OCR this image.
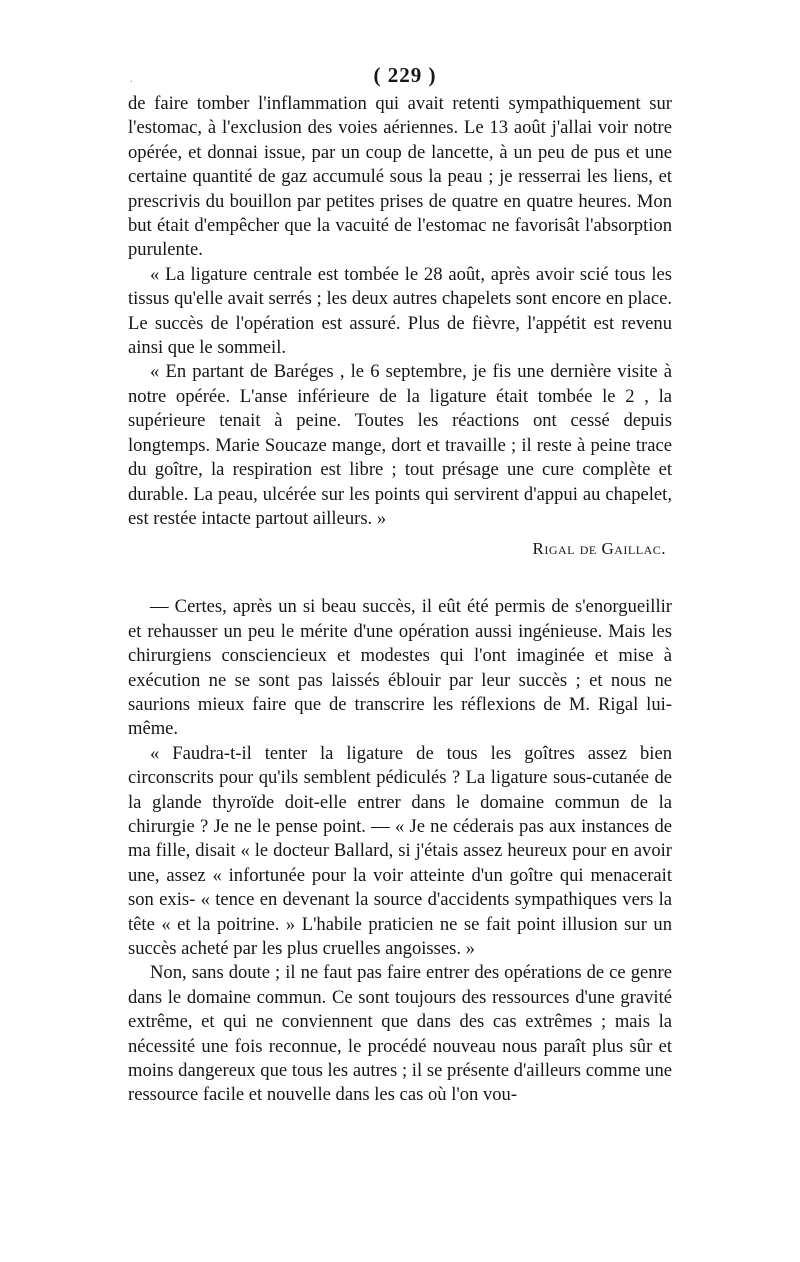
.	( 229 )

de faire tomber l'inflammation qui avait retenti sympathiquement sur l'estomac, à l'exclusion des voies aériennes. Le 13 août j'allai voir notre opérée, et donnai issue, par un coup de lancette, à un peu de pus et une certaine quantité de gaz accumulé sous la peau ; je resserrai les liens, et prescrivis du bouillon par petites prises de quatre en quatre heures. Mon but était d'empêcher que la vacuité de l'estomac ne favorisât l'absorption purulente.

« La ligature centrale est tombée le 28 août, après avoir scié tous les tissus qu'elle avait serrés ; les deux autres chapelets sont encore en place. Le succès de l'opération est assuré. Plus de fièvre, l'appétit est revenu ainsi que le sommeil.

« En partant de Baréges , le 6 septembre, je fis une dernière visite à notre opérée. L'anse inférieure de la ligature était tombée le 2 , la supérieure tenait à peine. Toutes les réactions ont cessé depuis longtemps. Marie Soucaze mange, dort et travaille ; il reste à peine trace du goître, la respiration est libre ; tout présage une cure complète et durable. La peau, ulcérée sur les points qui servirent d'appui au chapelet, est restée intacte partout ailleurs. »

Rigal de Gaillac.

— Certes, après un si beau succès, il eût été permis de s'enorgueillir et rehausser un peu le mérite d'une opération aussi ingénieuse. Mais les chirurgiens consciencieux et modestes qui l'ont imaginée et mise à exécution ne se sont pas laissés éblouir par leur succès ; et nous ne saurions mieux faire que de transcrire les réflexions de M. Rigal lui-même.

« Faudra-t-il tenter la ligature de tous les goîtres assez bien circonscrits pour qu'ils semblent pédiculés ? La ligature sous-cutanée de la glande thyroïde doit-elle entrer dans le domaine commun de la chirurgie ? Je ne le pense point. — « Je ne céderais pas aux instances de ma fille, disait « le docteur Ballard, si j'étais assez heureux pour en avoir une, assez « infortunée pour la voir atteinte d'un goître qui menacerait son exis- « tence en devenant la source d'accidents sympathiques vers la tête « et la poitrine. » L'habile praticien ne se fait point illusion sur un succès acheté par les plus cruelles angoisses. »

Non, sans doute ; il ne faut pas faire entrer des opérations de ce genre dans le domaine commun. Ce sont toujours des ressources d'une gravité extrême, et qui ne conviennent que dans des cas extrêmes ; mais la nécessité une fois reconnue, le procédé nouveau nous paraît plus sûr et moins dangereux que tous les autres ; il se présente d'ailleurs comme une ressource facile et nouvelle dans les cas où l'on vou-
